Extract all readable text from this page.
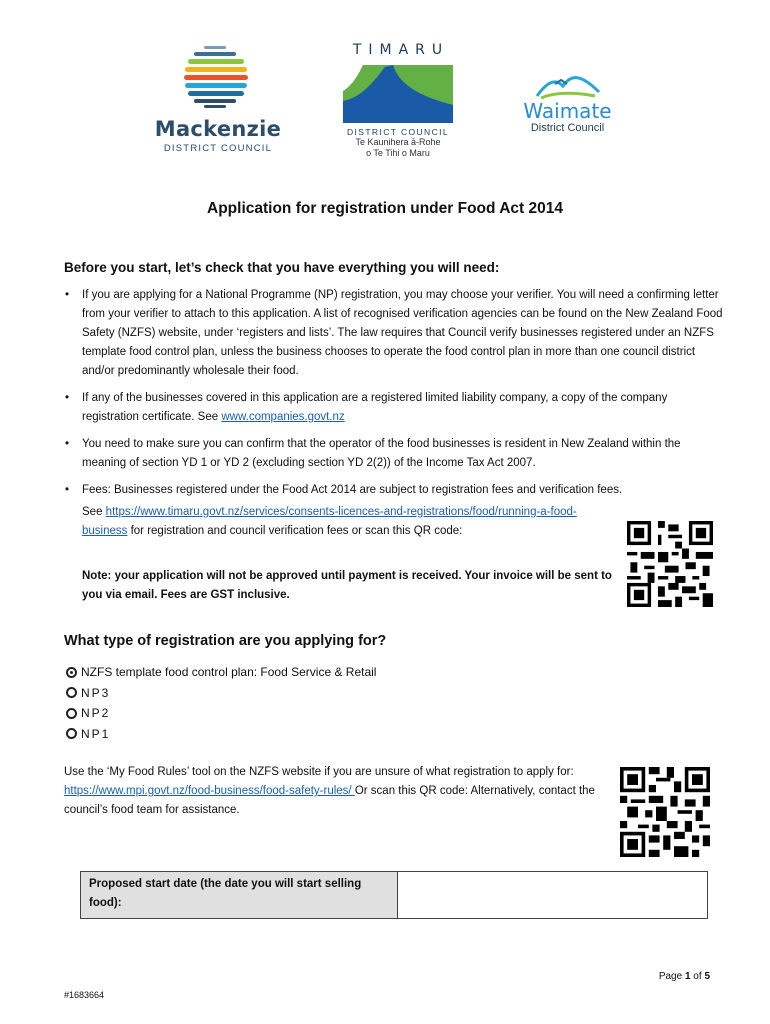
Mackenzie
DISTRICT COUNCIL
TIMARU
DISTRICT COUNCIL
Te Kaunihera ā-Rohe
o Te Tihi o Maru
Waimate
District Council
Application for registration under Food Act 2014
Before you start, let’s check that you have everything you will need:
• If you are applying for a National Programme (NP) registration, you may choose your verifier. You will need a confirming letter from your verifier to attach to this application. A list of recognised verification agencies can be found on the New Zealand Food Safety (NZFS) website, under ‘registers and lists’. The law requires that Council verify businesses registered under an NZFS template food control plan, unless the business chooses to operate the food control plan in more than one council district and/or predominantly wholesale their food.
• If any of the businesses covered in this application are a registered limited liability company, a copy of the company registration certificate. See www.companies.govt.nz
• You need to make sure you can confirm that the operator of the food businesses is resident in New Zealand within the meaning of section YD 1 or YD 2 (excluding section YD 2(2)) of the Income Tax Act 2007.
• Fees: Businesses registered under the Food Act 2014 are subject to registration fees and verification fees.
See https://www.timaru.govt.nz/services/consents-licences-and-registrations/food/running-a-food-business for registration and council verification fees or scan this QR code:
Note: your application will not be approved until payment is received. Your invoice will be sent to you via email. Fees are GST inclusive.
What type of registration are you applying for?
NZFS template food control plan: Food Service & Retail
NP3
NP2
NP1
Use the ‘My Food Rules’ tool on the NZFS website if you are unsure of what registration to apply for: https://www.mpi.govt.nz/food-business/food-safety-rules/ Or scan this QR code: Alternatively, contact the council’s food team for assistance.
Proposed start date (the date you will start selling food):	
Page 1 of 5
#1683664
